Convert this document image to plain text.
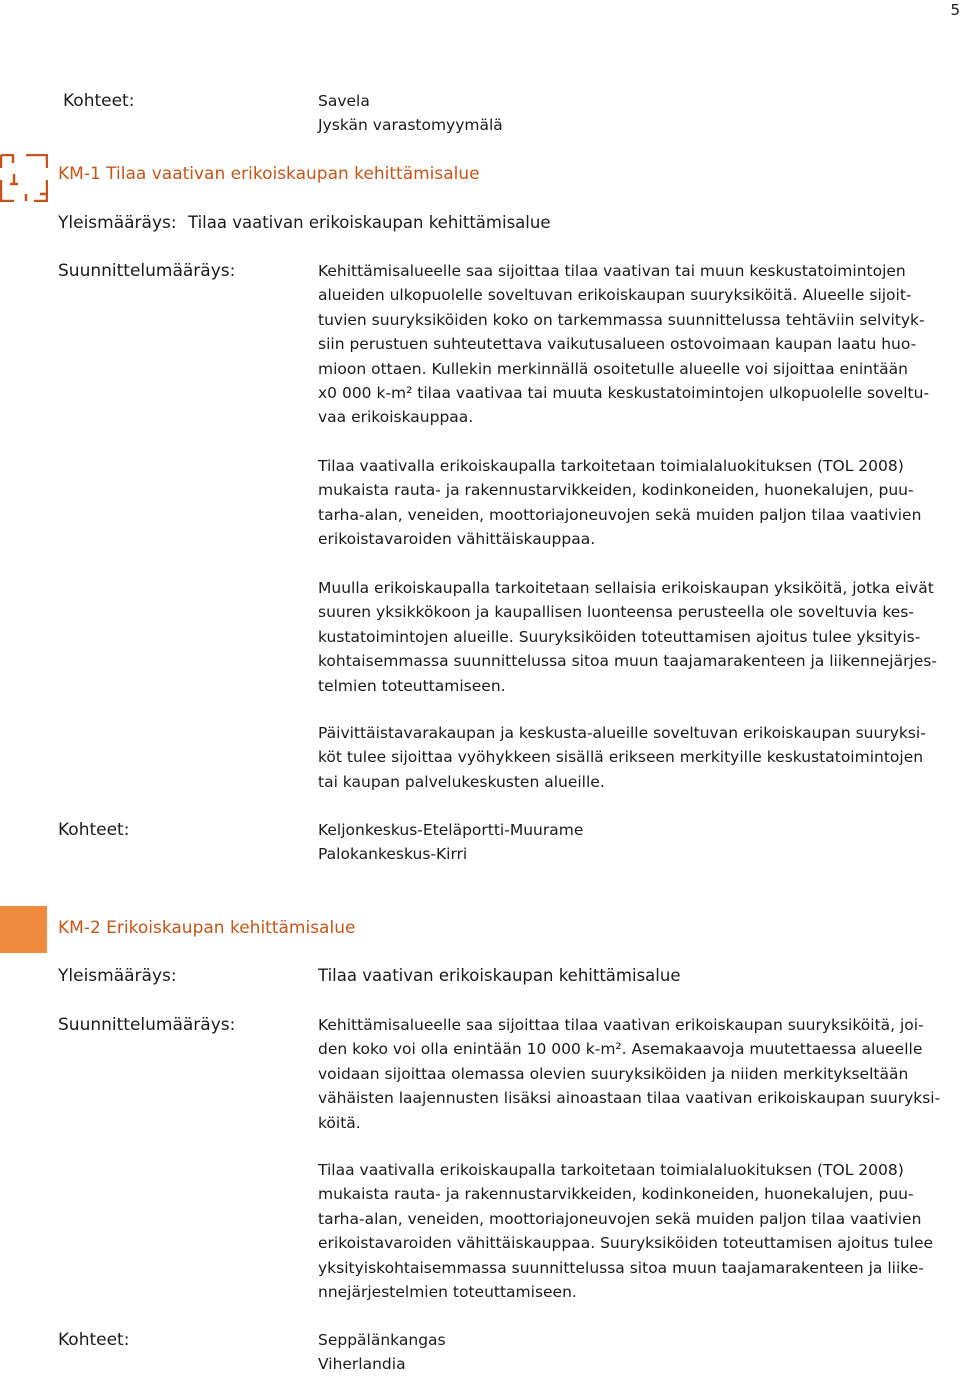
5
Kohteet:	Savela
Jyskän varastomyymälä
KM-1 Tilaa vaativan erikoiskaupan kehittämisalue
Yleismääräys: Tilaa vaativan erikoiskaupan kehittämisalue
Suunnittelumääräys:	Kehittämisalueelle saa sijoittaa tilaa vaativan tai muun keskustatoimintojen
alueiden ulkopuolelle soveltuvan erikoiskaupan suuryksiköitä. Alueelle sijoit-
tuvien suuryksiköiden koko on tarkemmassa suunnittelussa tehtäviin selvityk-
siin perustuen suhteutettava vaikutusalueen ostovoimaan kaupan laatu huo-
mioon ottaen. Kullekin merkinnällä osoitetulle alueelle voi sijoittaa enintään
x0 000 k-m² tilaa vaativaa tai muuta keskustatoimintojen ulkopuolelle soveltu-
vaa erikoiskauppaa.
Tilaa vaativalla erikoiskaupalla tarkoitetaan toimialaluokituksen (TOL 2008)
mukaista rauta- ja rakennustarvikkeiden, kodinkoneiden, huonekalujen, puu-
tarha-alan, veneiden, moottoriajoneuvojen sekä muiden paljon tilaa vaativien
erikoistavaroiden vähittäiskauppaa.
Muulla erikoiskaupalla tarkoitetaan sellaisia erikoiskaupan yksiköitä, jotka eivät
suuren yksikkökoon ja kaupallisen luonteensa perusteella ole soveltuvia kes-
kustatoimintojen alueille. Suuryksiköiden toteuttamisen ajoitus tulee yksityis-
kohtaisemmassa suunnittelussa sitoa muun taajamarakenteen ja liikennejärjes-
telmien toteuttamiseen.
Päivittäistavarakaupan ja keskusta-alueille soveltuvan erikoiskaupan suuryksi-
köt tulee sijoittaa vyöhykkeen sisällä erikseen merkityille keskustatoimintojen
tai kaupan palvelukeskusten alueille.
Kohteet:	Keljonkeskus-Eteläportti-Muurame
Palokankeskus-Kirri
KM-2 Erikoiskaupan kehittämisalue
Yleismääräys:	Tilaa vaativan erikoiskaupan kehittämisalue
Suunnittelumääräys:	Kehittämisalueelle saa sijoittaa tilaa vaativan erikoiskaupan suuryksiköitä, joi-
den koko voi olla enintään 10 000 k-m². Asemakaavoja muutettaessa alueelle
voidaan sijoittaa olemassa olevien suuryksiköiden ja niiden merkitykseltään
vähäisten laajennusten lisäksi ainoastaan tilaa vaativan erikoiskaupan suuryksi-
köitä.
Tilaa vaativalla erikoiskaupalla tarkoitetaan toimialaluokituksen (TOL 2008)
mukaista rauta- ja rakennustarvikkeiden, kodinkoneiden, huonekalujen, puu-
tarha-alan, veneiden, moottoriajoneuvojen sekä muiden paljon tilaa vaativien
erikoistavaroiden vähittäiskauppaa. Suuryksiköiden toteuttamisen ajoitus tulee
yksityiskohtaisemmassa suunnittelussa sitoa muun taajamarakenteen ja liike-
nnejärjestelmien toteuttamiseen.
Kohteet:	Seppälänkangas
Viherlandia
